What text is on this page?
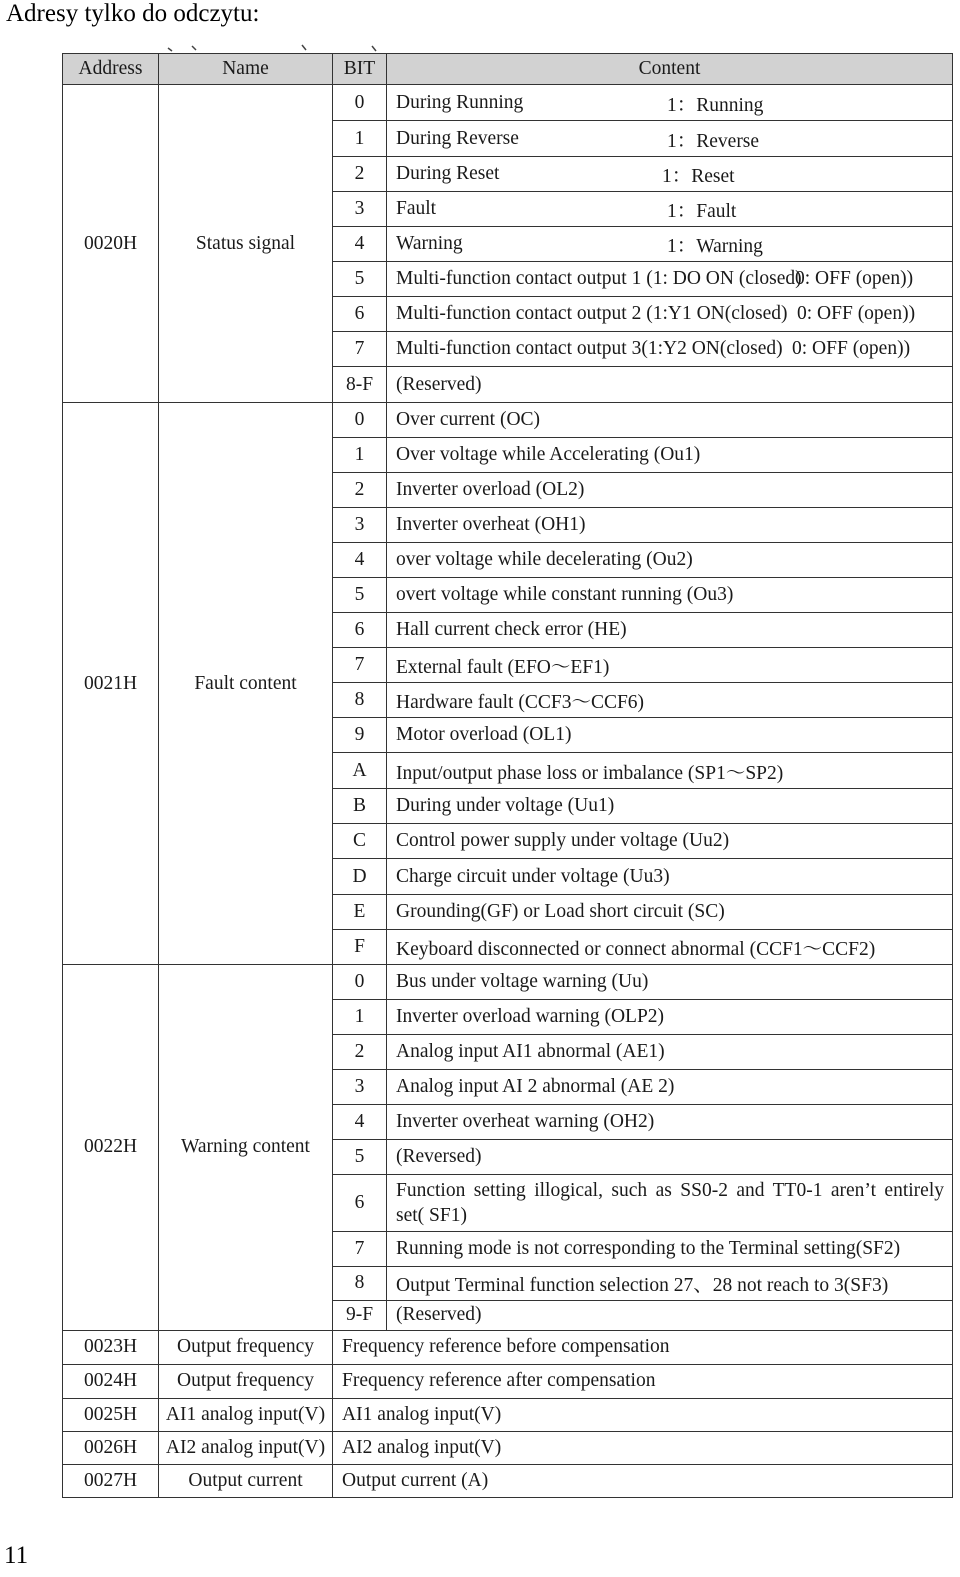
Adresy tylko do odczytu:
Address	Name	BIT	Content
0020H	Status signal	0	During Running 1：Running

		1	During Reverse 1：Reverse

		2	During Reset 1：Reset

		3	Fault 1：Fault

		4	Warning 1：Warning

		5	Multi-function contact output 1 (1: DO ON (closed)
0: OFF (open))

		6	Multi-function contact output 2 (1:Y1 ON(closed) 0: OFF (open))

		7	Multi-function contact output 3(1:Y2 ON(closed) 0: OFF (open))

		8-F	(Reserved)
0021H	Fault content	0	Over current (OC)
		1	Over voltage while Accelerating (Ou1)
		2	Inverter overload (OL2)
		3	Inverter overheat (OH1)
		4	over voltage while decelerating (Ou2)
		5	overt voltage while constant running (Ou3)
		6	Hall current check error (HE)
		7	External fault (EFO～EF1)
		8	Hardware fault (CCF3～CCF6)
		9	Motor overload (OL1)
		A	Input/output phase loss or imbalance (SP1～SP2)
		B	During under voltage (Uu1)
		C	Control power supply under voltage (Uu2)
		D	Charge circuit under voltage (Uu3)
		E	Grounding(GF) or Load short circuit (SC)
		F	Keyboard disconnected or connect abnormal (CCF1～CCF2)
0022H	Warning content	0	Bus under voltage warning (Uu)
		1	Inverter overload warning (OLP2)
		2	Analog input AI1 abnormal (AE1)
		3	Analog input AI 2 abnormal (AE 2)
		4	Inverter overheat warning (OH2)
		5	(Reversed)
		6	Function setting illogical, such as SS0-2 and TT0-1 aren’t entirely set( SF1)
		7	Running mode is not corresponding to the Terminal setting(SF2)
		8	Output Terminal function selection 27、28 not reach to 3(SF3)
		9-F	(Reserved)
0023H	Output frequency	Frequency reference before compensation	
0024H	Output frequency	Frequency reference after compensation	
0025H	AI1 analog input(V)	AI1 analog input(V)	
0026H	AI2 analog input(V)	AI2 analog input(V)	
0027H	Output current	Output current (A)	
11
